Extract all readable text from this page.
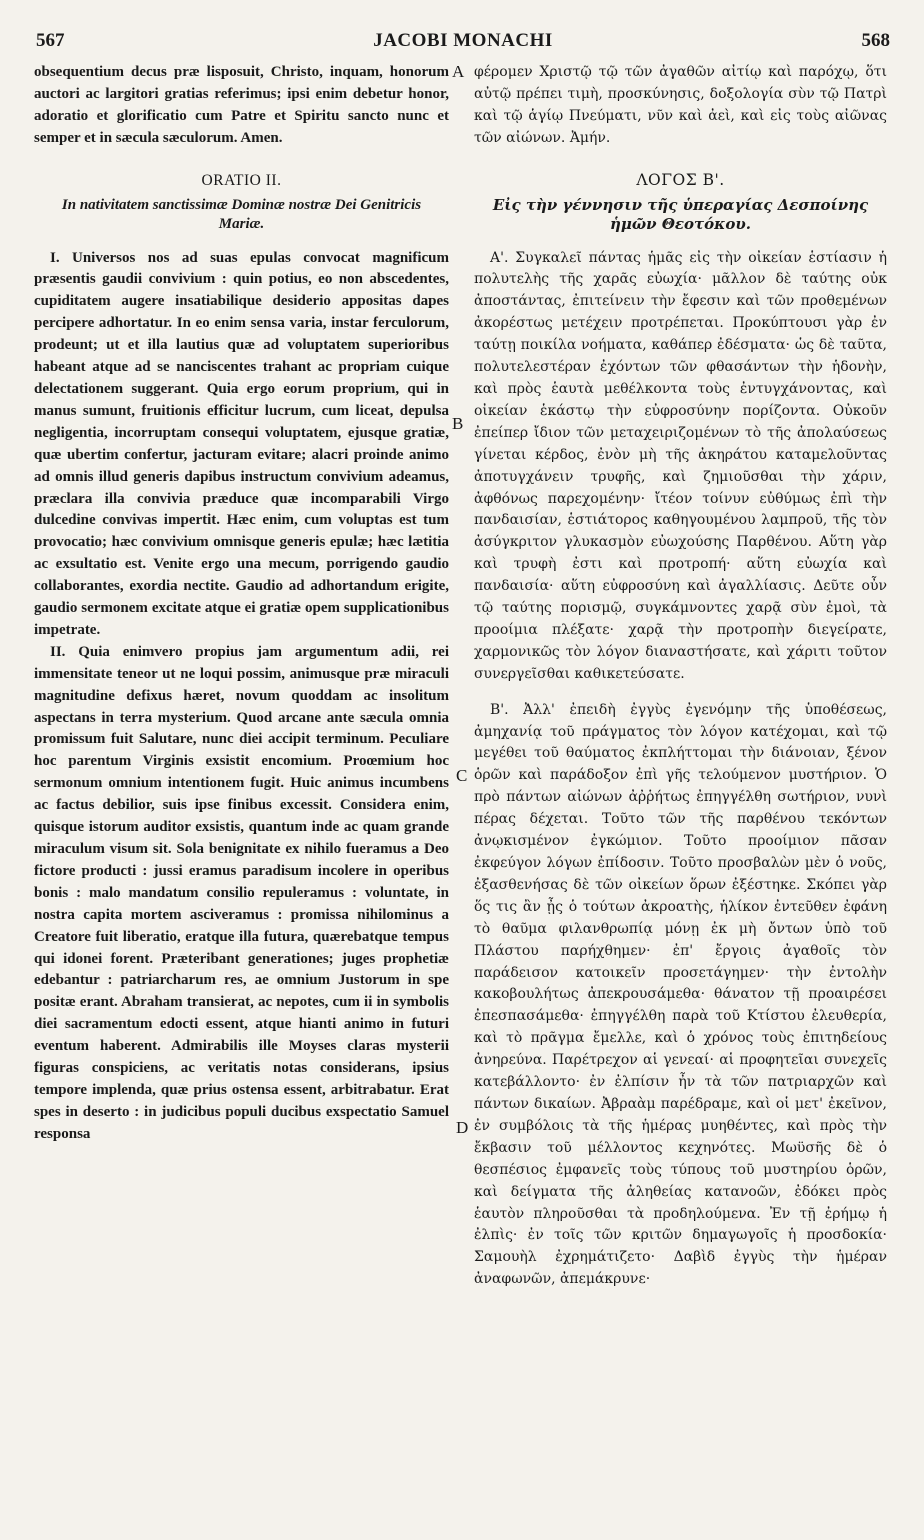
567	JACOBI MONACHI	568

obsequentium decus præ lisposuit, Christo, inquam, honorum auctori ac largitori gratias referimus; ipsi enim debetur honor, adoratio et glorificatio cum Patre et Spiritu sancto nunc et semper et in sæcula sæculorum. Amen.

ORATIO II.
In nativitatem sanctissimæ Dominæ nostræ Dei Genitricis Mariæ.

I. Universos nos ad suas epulas convocat magnificum præsentis gaudii convivium : quin potius, eo non abscedentes, cupiditatem augere insatiabilique desiderio appositas dapes percipere adhortatur. In eo enim sensa varia, instar ferculorum, prodeunt; ut et illa lautius quæ ad voluptatem superioribus habeant atque ad se nanciscentes trahant ac propriam cuique delectationem suggerant. Quia ergo eorum proprium, qui in manus sumunt, fruitionis efficitur lucrum, cum liceat, depulsa negligentia, incorruptam consequi voluptatem, ejusque gratiæ, quæ ubertim confertur, jacturam evitare; alacri proinde animo ad omnis illud generis dapibus instructum convivium adeamus, præclara illa convivia præduce quæ incomparabili Virgo dulcedine convivas impertit. Hæc enim, cum voluptas est tum provocatio; hæc convivium omnisque generis epulæ; hæc lætitia ac exsultatio est. Venite ergo una mecum, porrigendo gaudio collaborantes, exordia nectite. Gaudio ad adhortandum erigite, gaudio sermonem excitate atque ei gratiæ opem supplicationibus impetrate.

II. Quia enimvero propius jam argumentum adii, rei immensitate teneor ut ne loqui possim, animusque præ miraculi magnitudine defixus hæret, novum quoddam ac insolitum aspectans in terra mysterium. Quod arcane ante sæcula omnia promissum fuit Salutare, nunc diei accipit terminum. Peculiare hoc parentum Virginis exsistit encomium. Proœmium hoc sermonum omnium intentionem fugit. Huic animus incumbens ac factus debilior, suis ipse finibus excessit. Considera enim, quisque istorum auditor exsistis, quantum inde ac quam grande miraculum visum sit. Sola benignitate ex nihilo fueramus a Deo fictore producti : jussi eramus paradisum incolere in operibus bonis : malo mandatum consilio repuleramus : voluntate, in nostra capita mortem asciveramus : promissa nihilominus a Creatore fuit liberatio, eratque illa futura, quærebatque tempus qui idonei forent. Præteribant generationes; juges prophetiæ edebantur : patriarcharum res, ae omnium Justorum in spe positæ erant. Abraham transierat, ac nepotes, cum ii in symbolis diei sacramentum edocti essent, atque hianti animo in futuri eventum haberent. Admirabilis ille Moyses claras mysterii figuras conspiciens, ac veritatis notas considerans, ipsius tempore implenda, quæ prius ostensa essent, arbitrabatur. Erat spes in deserto : in judicibus populi ducibus exspectatio Samuel responsa

A
B
C
D

φέρομεν Χριστῷ τῷ τῶν ἀγαθῶν αἰτίῳ καὶ παρόχῳ, ὅτι αὐτῷ πρέπει τιμὴ, προσκύνησις, δοξολογία σὺν τῷ Πατρὶ καὶ τῷ ἁγίῳ Πνεύματι, νῦν καὶ ἀεὶ, καὶ εἰς τοὺς αἰῶνας τῶν αἰώνων. Ἀμήν.

ΛΟΓΟΣ Β'.
Εἰς τὴν γέννησιν τῆς ὑπεραγίας Δεσποίνης ἡμῶν Θεοτόκου.

Α'. Συγκαλεῖ πάντας ἡμᾶς εἰς τὴν οἰκείαν ἑστίασιν ἡ πολυτελὴς τῆς χαρᾶς εὐωχία· μᾶλλον δὲ ταύτης οὐκ ἀποστάντας, ἐπιτείνειν τὴν ἔφεσιν καὶ τῶν προθεμένων ἀκορέστως μετέχειν προτρέπεται. Προκύπτουσι γὰρ ἐν ταύτῃ ποικίλα νοήματα, καθάπερ ἐδέσματα· ὡς δὲ ταῦτα, πολυτελεστέραν ἐχόντων τῶν φθασάντων τὴν ἡδονὴν, καὶ πρὸς ἑαυτὰ μεθέλκοντα τοὺς ἐντυγχάνοντας, καὶ οἰκείαν ἑκάστῳ τὴν εὐφροσύνην πορίζοντα. Οὐκοῦν ἐπείπερ ἴδιον τῶν μεταχειριζομένων τὸ τῆς ἀπολαύσεως γίνεται κέρδος, ἐνὸν μὴ τῆς ἀκηράτου καταμελοῦντας ἀποτυγχάνειν τρυφῆς, καὶ ζημιοῦσθαι τὴν χάριν, ἀφθόνως παρεχομένην· ἴτέον τοίνυν εὐθύμως ἐπὶ τὴν πανδαισίαν, ἑστιάτορος καθηγουμένου λαμπροῦ, τῆς τὸν ἀσύγκριτον γλυκασμὸν εὐωχούσης Παρθένου. Αὕτη γὰρ καὶ τρυφὴ ἐστι καὶ προτροπή· αὕτη εὐωχία καὶ πανδαισία· αὕτη εὐφροσύνη καὶ ἀγαλλίασις. Δεῦτε οὖν τῷ ταύτης πορισμῷ, συγκάμνοντες χαρᾷ σὺν ἐμοὶ, τὰ προοίμια πλέξατε· χαρᾷ τὴν προτροπὴν διεγείρατε, χαρμονικῶς τὸν λόγον διαναστήσατε, καὶ χάριτι τοῦτον συνεργεῖσθαι καθικετεύσατε.

Β'. Ἀλλ' ἐπειδὴ ἐγγὺς ἐγενόμην τῆς ὑποθέσεως, ἀμηχανίᾳ τοῦ πράγματος τὸν λόγον κατέχομαι, καὶ τῷ μεγέθει τοῦ θαύματος ἐκπλήττομαι τὴν διάνοιαν, ξένον ὁρῶν καὶ παράδοξον ἐπὶ γῆς τελούμενον μυστήριον. Ὁ πρὸ πάντων αἰώνων ἀῤῥήτως ἐπηγγέλθη σωτήριον, νυνὶ πέρας δέχεται. Τοῦτο τῶν τῆς παρθένου τεκόντων ἀνῳκισμένον ἐγκώμιον. Τοῦτο προοίμιον πᾶσαν ἐκφεύγον λόγων ἐπίδοσιν. Τοῦτο προσβαλὼν μὲν ὁ νοῦς, ἐξασθενήσας δὲ τῶν οἰκείων ὅρων ἐξέστηκε. Σκόπει γὰρ ὅς τις ἂν ᾖς ὁ τούτων ἀκροατὴς, ἡλίκον ἐντεῦθεν ἐφάνη τὸ θαῦμα φιλανθρωπίᾳ μόνῃ ἐκ μὴ ὄντων ὑπὸ τοῦ Πλάστου παρήχθημεν· ἐπ' ἔργοις ἀγαθοῖς τὸν παράδεισον κατοικεῖν προσετάγημεν· τὴν ἐντολὴν κακοβουλήτως ἀπεκρουσάμεθα· θάνατον τῇ προαιρέσει ἐπεσπασάμεθα· ἐπηγγέλθη παρὰ τοῦ Κτίστου ἐλευθερία, καὶ τὸ πρᾶγμα ἔμελλε, καὶ ὁ χρόνος τοὺς ἐπιτηδείους ἀνηρεύνα. Παρέτρεχον αἱ γενεαί· αἱ προφητεῖαι συνεχεῖς κατεβάλλοντο· ἐν ἐλπίσιν ἦν τὰ τῶν πατριαρχῶν καὶ πάντων δικαίων. Ἀβραὰμ παρέδραμε, καὶ οἱ μετ' ἐκεῖνον, ἐν συμβόλοις τὰ τῆς ἡμέρας μυηθέντες, καὶ πρὸς τὴν ἔκβασιν τοῦ μέλλοντος κεχηνότες. Μωϋσῆς δὲ ὁ θεσπέσιος ἐμφανεῖς τοὺς τύπους τοῦ μυστηρίου ὁρῶν, καὶ δείγματα τῆς ἀληθείας κατανοῶν, ἐδόκει πρὸς ἑαυτὸν πληροῦσθαι τὰ προδηλούμενα. Ἐν τῇ ἐρήμῳ ἡ ἐλπὶς· ἐν τοῖς τῶν κριτῶν δημαγωγοῖς ἡ προσδοκία· Σαμουὴλ ἐχρημάτιζετο· Δαβὶδ ἐγγὺς τὴν ἡμέραν ἀναφωνῶν, ἀπεμάκρυνε·
